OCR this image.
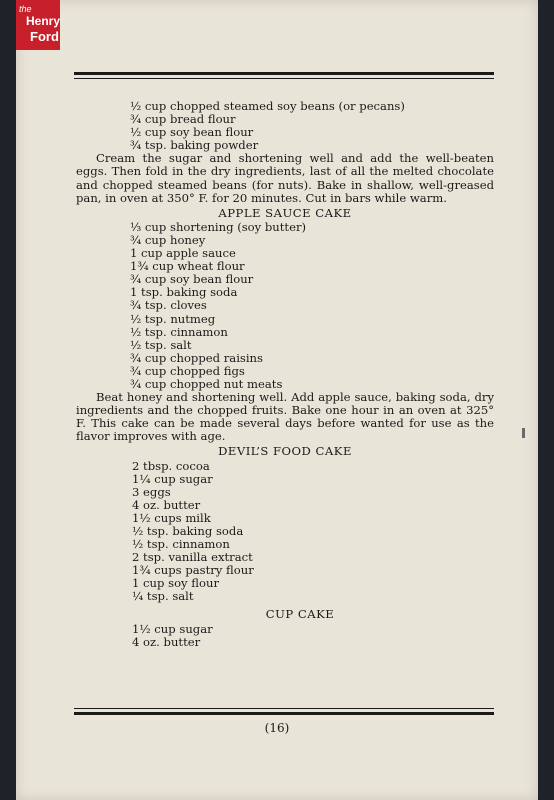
the
Henry
Ford
½ cup chopped steamed soy beans (or pecans)
¾ cup bread flour
½ cup soy bean flour
¾ tsp. baking powder
Cream the sugar and shortening well and add the well-beaten eggs. Then fold in the dry ingredients, last of all the melted chocolate and chopped steamed beans (for nuts). Bake in shallow, well-greased pan, in oven at 350° F. for 20 minutes. Cut in bars while warm.
APPLE SAUCE CAKE
⅓ cup shortening (soy butter)
¾ cup honey
1 cup apple sauce
1¾ cup wheat flour
¾ cup soy bean flour
1 tsp. baking soda
¾ tsp. cloves
½ tsp. nutmeg
½ tsp. cinnamon
½ tsp. salt
¾ cup chopped raisins
¾ cup chopped figs
¾ cup chopped nut meats
Beat honey and shortening well. Add apple sauce, baking soda, dry ingredients and the chopped fruits. Bake one hour in an oven at 325° F. This cake can be made several days before wanted for use as the flavor improves with age.
DEVIL’S FOOD CAKE
2 tbsp. cocoa
1¼ cup sugar
3 eggs
4 oz. butter
1½ cups milk
½ tsp. baking soda
½ tsp. cinnamon
2 tsp. vanilla extract
1¾ cups pastry flour
1 cup soy flour
¼ tsp. salt
CUP CAKE
1½ cup sugar
4 oz. butter
(16)
